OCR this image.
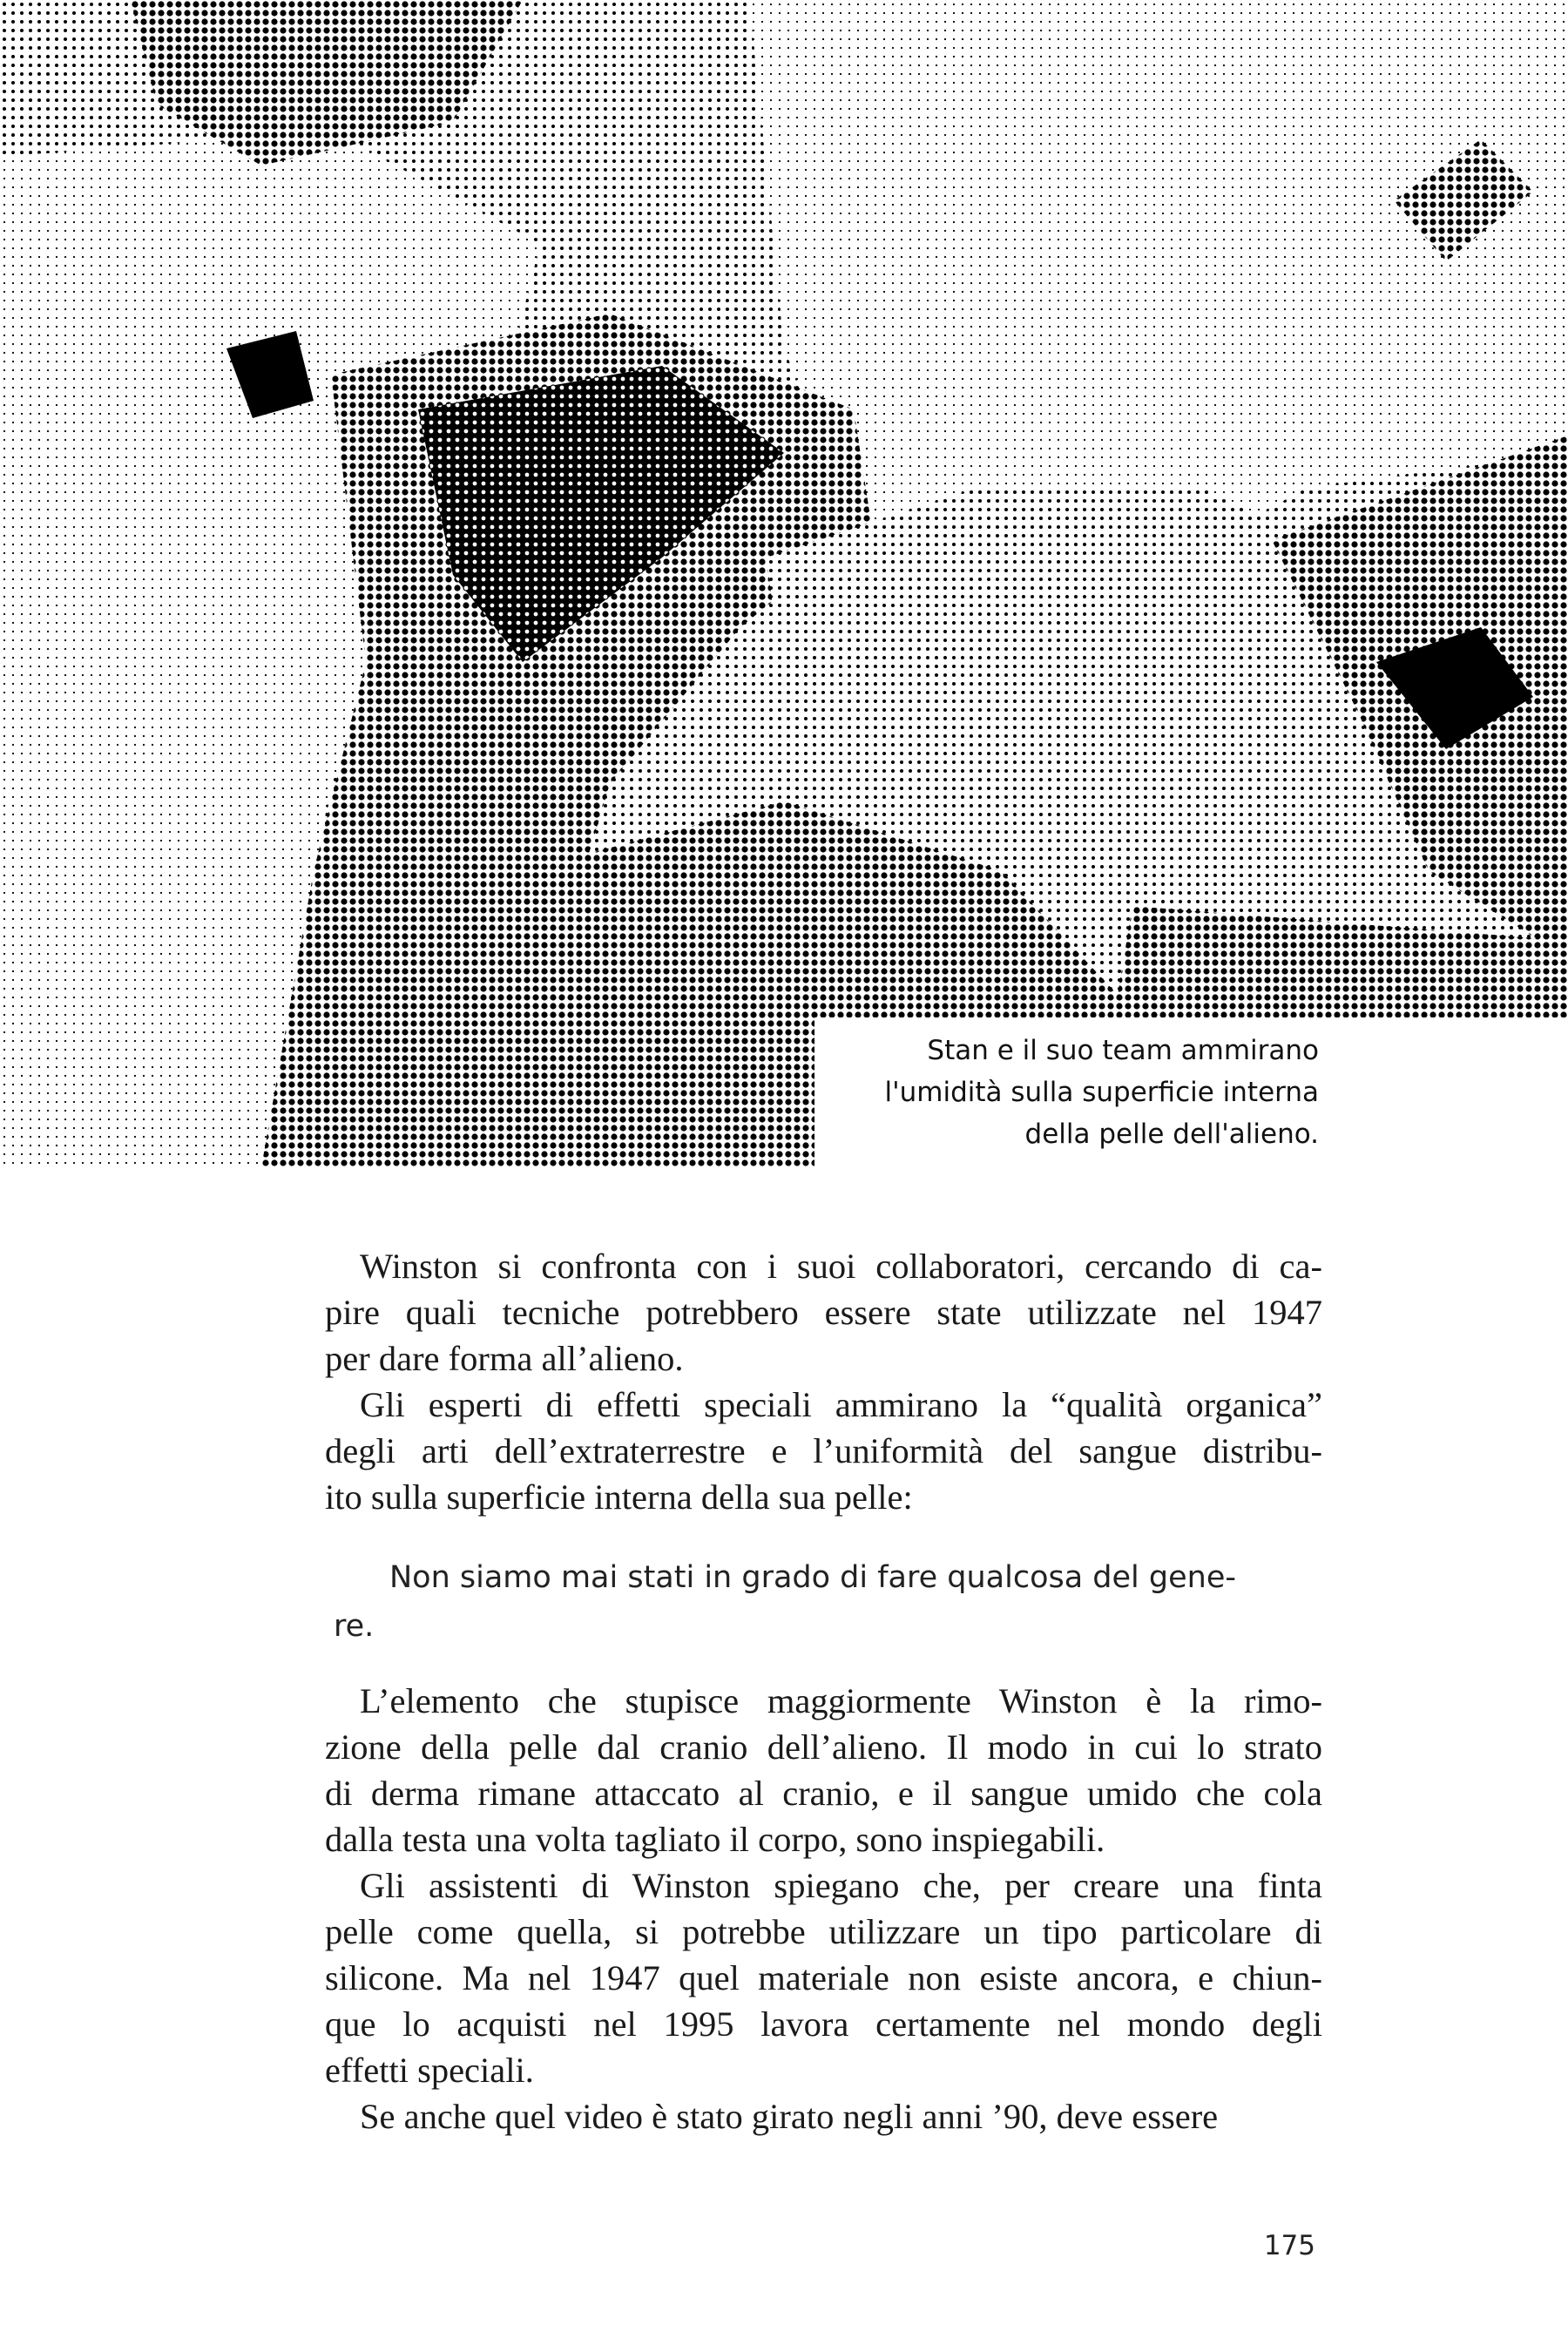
Stan e il suo team ammirano
l'umidità sulla superficie interna
della pelle dell'alieno.

Winston si confronta con i suoi collaboratori, cercando di ca-
pire quali tecniche potrebbero essere state utilizzate nel 1947
per dare forma all’alieno.

Gli esperti di effetti speciali ammirano la “qualità organica”
degli arti dell’extraterrestre e l’uniformità del sangue distribu-
ito sulla superficie interna della sua pelle:

Non siamo mai stati in grado di fare qualcosa del gene-
re.

L’elemento che stupisce maggiormente Winston è la rimo-
zione della pelle dal cranio dell’alieno. Il modo in cui lo strato
di derma rimane attaccato al cranio, e il sangue umido che cola
dalla testa una volta tagliato il corpo, sono inspiegabili.

Gli assistenti di Winston spiegano che, per creare una finta
pelle come quella, si potrebbe utilizzare un tipo particolare di
silicone. Ma nel 1947 quel materiale non esiste ancora, e chiun-
que lo acquisti nel 1995 lavora certamente nel mondo degli
effetti speciali.

Se anche quel video è stato girato negli anni ’90, deve essere

175
